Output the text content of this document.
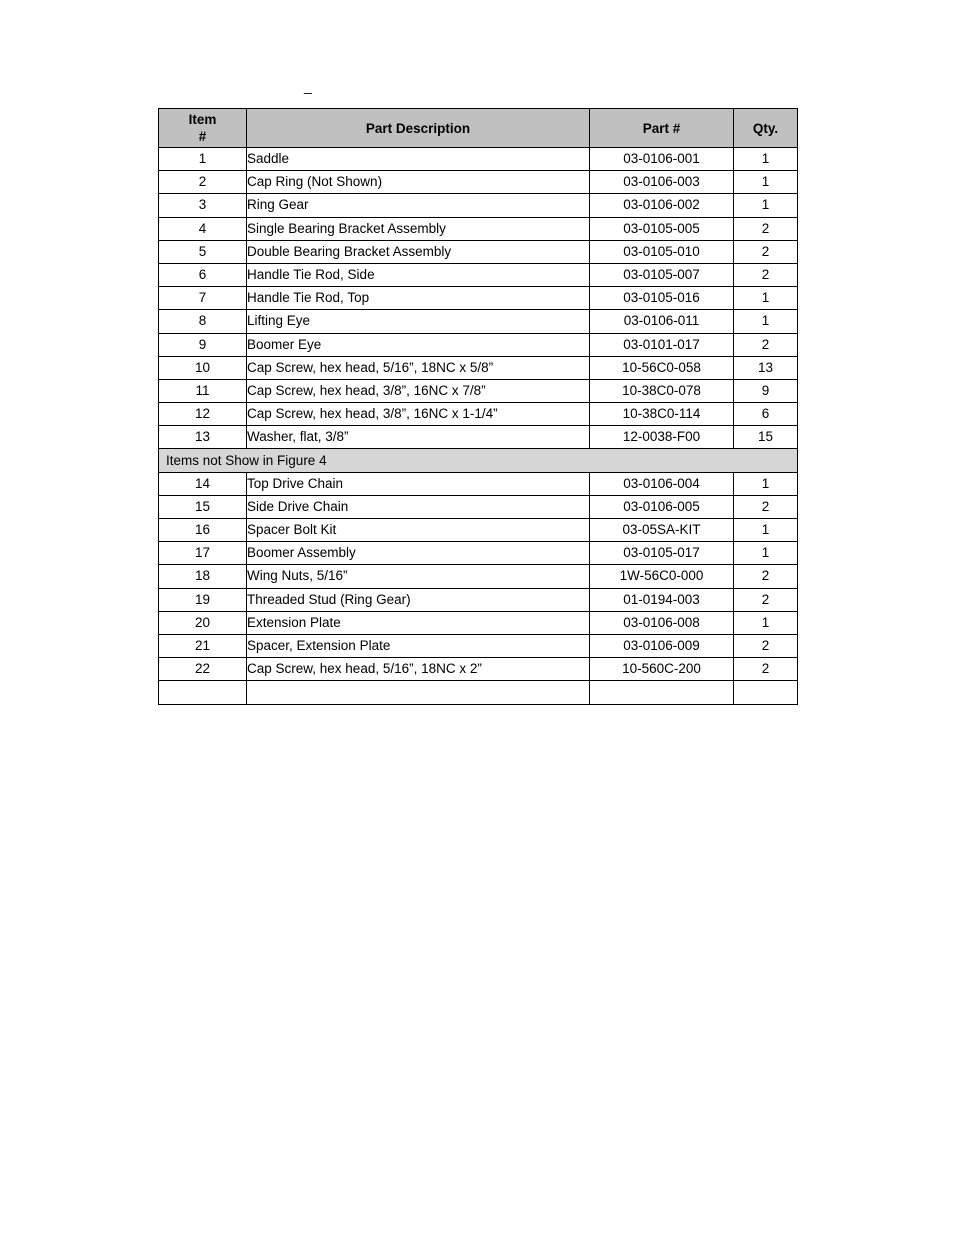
_
Item
#	Part Description	Part #	Qty.
1	Saddle	03-0106-001	1
2	Cap Ring (Not Shown)	03-0106-003	1
3	Ring Gear	03-0106-002	1
4	Single Bearing Bracket Assembly	03-0105-005	2
5	Double Bearing Bracket Assembly	03-0105-010	2
6	Handle Tie Rod, Side	03-0105-007	2
7	Handle Tie Rod, Top	03-0105-016	1
8	Lifting Eye	03-0106-011	1
9	Boomer Eye	03-0101-017	2
10	Cap Screw, hex head, 5/16”, 18NC x 5/8”	10-56C0-058	13
11	Cap Screw, hex head, 3/8”, 16NC x 7/8”	10-38C0-078	9
12	Cap Screw, hex head, 3/8”, 16NC x 1-1/4”	10-38C0-114	6
13	Washer, flat, 3/8”	12-0038-F00	15
Items not Show in Figure 4			
14	Top Drive Chain	03-0106-004	1
15	Side Drive Chain	03-0106-005	2
16	Spacer Bolt Kit	03-05SA-KIT	1
17	Boomer Assembly	03-0105-017	1
18	Wing Nuts, 5/16”	1W-56C0-000	2
19	Threaded Stud (Ring Gear)	01-0194-003	2
20	Extension Plate	03-0106-008	1
21	Spacer, Extension Plate	03-0106-009	2
22	Cap Screw, hex head, 5/16”, 18NC x 2”	10-560C-200	2
